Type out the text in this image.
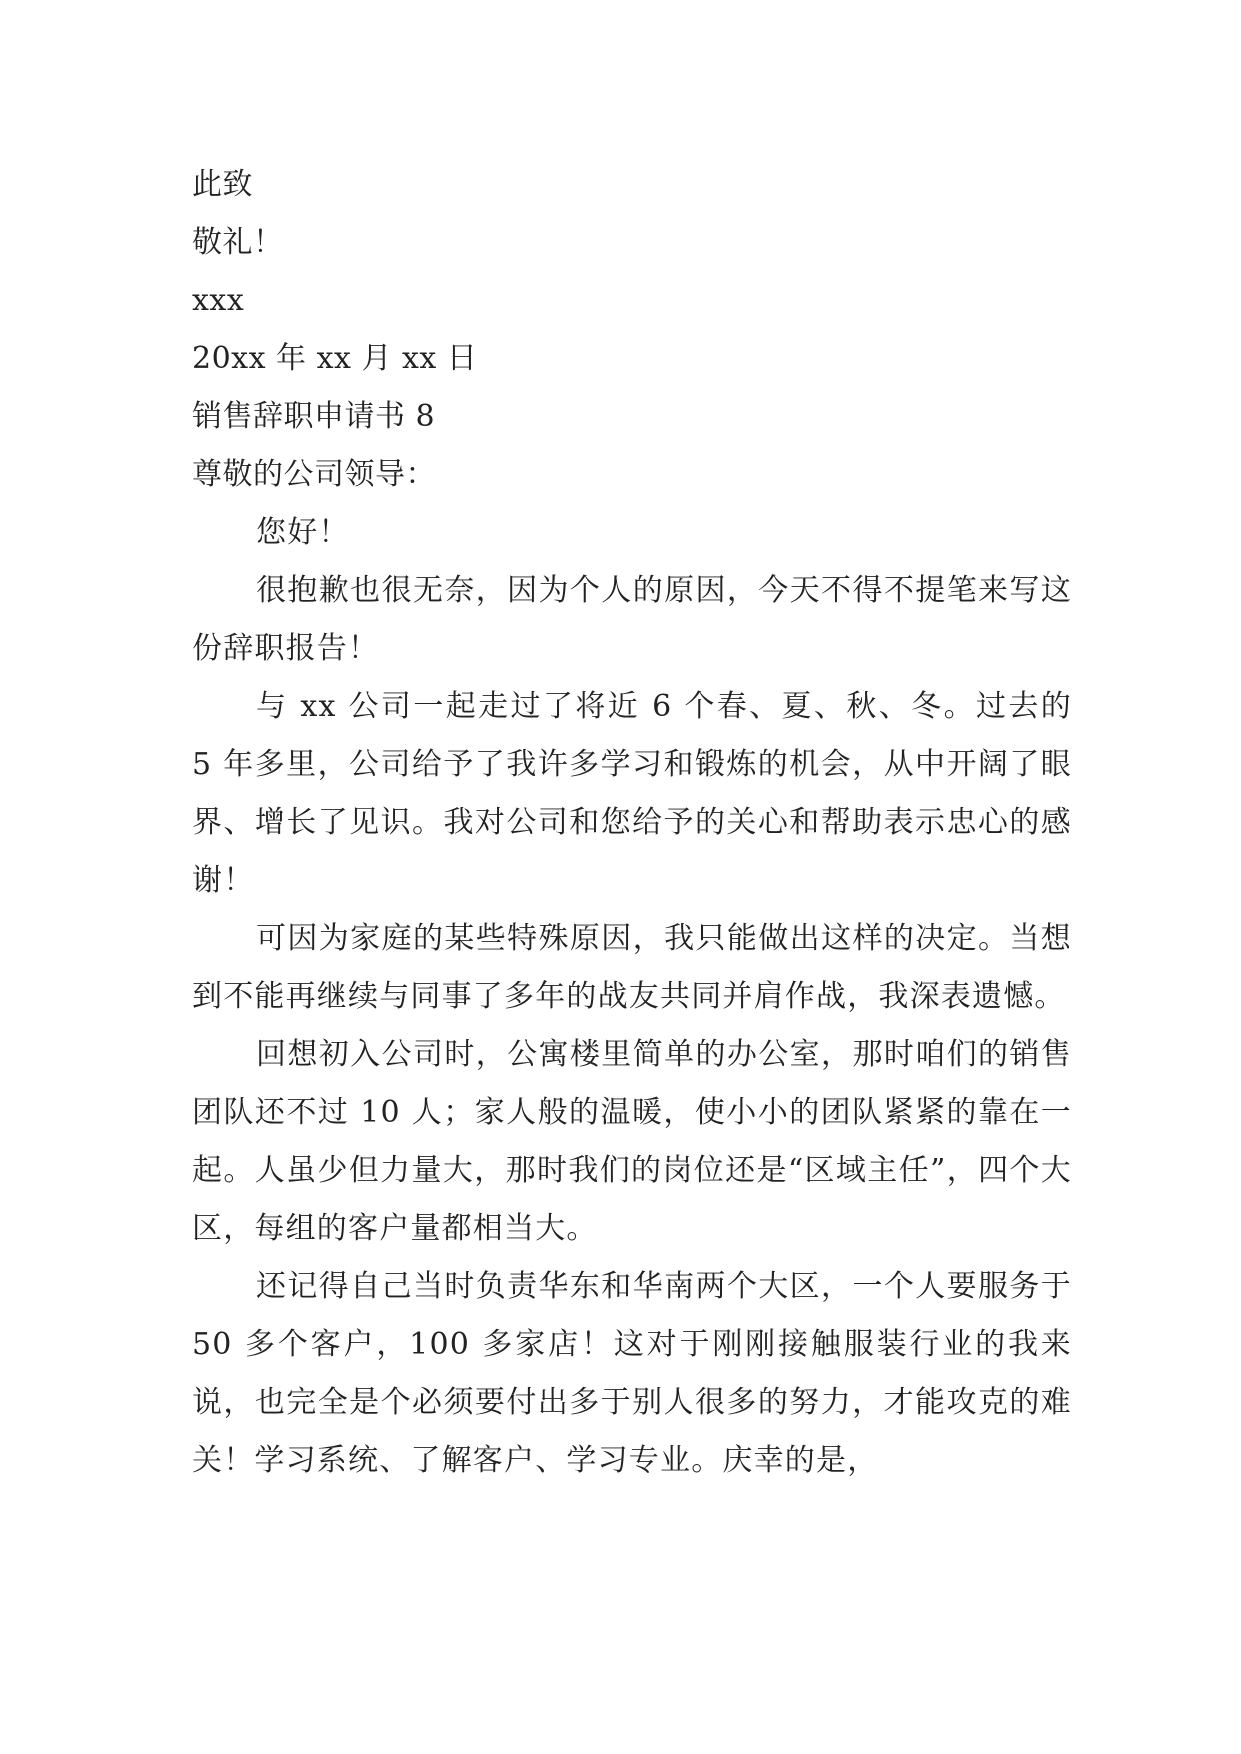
此致
敬礼！
xxx
20xx 年 xx 月 xx 日
销售辞职申请书 8
尊敬的公司领导：

您好！

很抱歉也很无奈，因为个人的原因，今天不得不提笔来写这份辞职报告！

与 xx 公司一起走过了将近 6 个春、夏、秋、冬。过去的 5 年多里，公司给予了我许多学习和锻炼的机会，从中开阔了眼界、增长了见识。我对公司和您给予的关心和帮助表示忠心的感谢！

可因为家庭的某些特殊原因，我只能做出这样的决定。当想到不能再继续与同事了多年的战友共同并肩作战，我深表遗憾。

回想初入公司时，公寓楼里简单的办公室，那时咱们的销售团队还不过 10 人；家人般的温暖，使小小的团队紧紧的靠在一起。人虽少但力量大，那时我们的岗位还是“区域主任”，四个大区，每组的客户量都相当大。

还记得自己当时负责华东和华南两个大区，一个人要服务于 50 多个客户，100 多家店！这对于刚刚接触服装行业的我来说，也完全是个必须要付出多于别人很多的努力，才能攻克的难关！学习系统、了解客户、学习专业。庆幸的是，
